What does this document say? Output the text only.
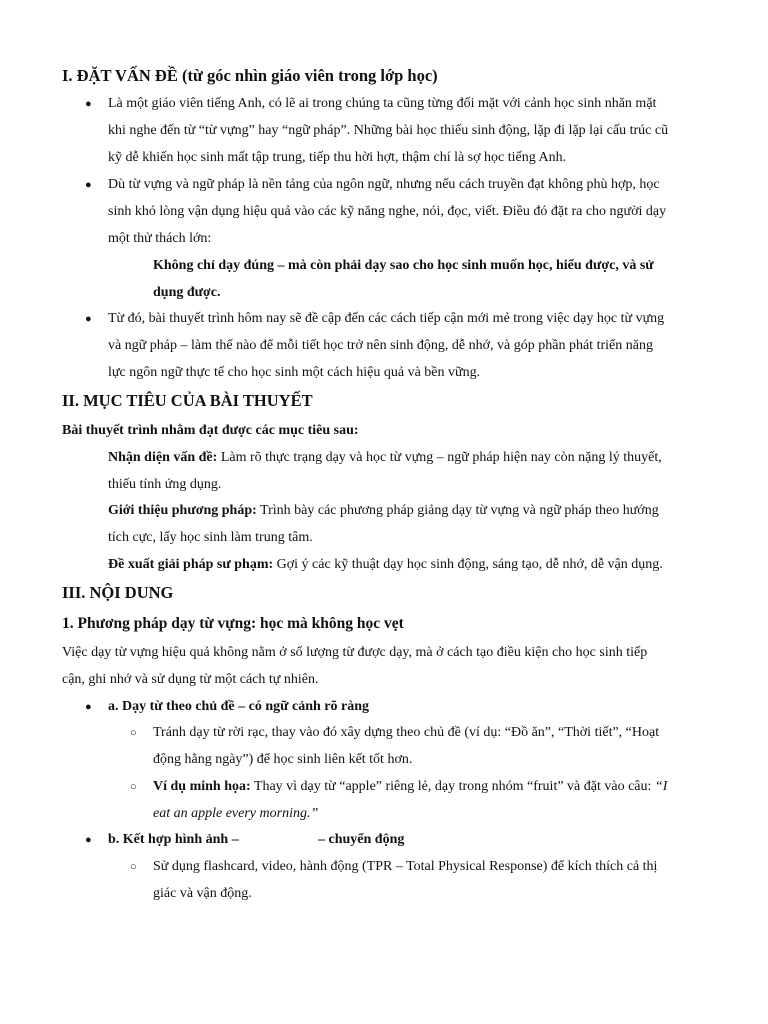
I. ĐẶT VẤN ĐỀ (từ góc nhìn giáo viên trong lớp học)
● Là một giáo viên tiếng Anh, có lẽ ai trong chúng ta cũng từng đối mặt với cảnh học sinh nhăn mặt
khi nghe đến từ “từ vựng” hay “ngữ pháp”. Những bài học thiếu sinh động, lặp đi lặp lại cấu trúc cũ
kỹ dễ khiến học sinh mất tập trung, tiếp thu hời hợt, thậm chí là sợ học tiếng Anh.
● Dù từ vựng và ngữ pháp là nền tảng của ngôn ngữ, nhưng nếu cách truyền đạt không phù hợp, học
sinh khó lòng vận dụng hiệu quả vào các kỹ năng nghe, nói, đọc, viết. Điều đó đặt ra cho người dạy
một thử thách lớn:
Không chỉ dạy đúng – mà còn phải dạy sao cho học sinh muốn học, hiểu được, và sử
dụng được.
● Từ đó, bài thuyết trình hôm nay sẽ đề cập đến các cách tiếp cận mới mẻ trong việc dạy học từ vựng
và ngữ pháp – làm thế nào để mỗi tiết học trở nên sinh động, dễ nhớ, và góp phần phát triển năng
lực ngôn ngữ thực tế cho học sinh một cách hiệu quả và bền vững.
II. MỤC TIÊU CỦA BÀI THUYẾT
Bài thuyết trình nhằm đạt được các mục tiêu sau:
Nhận diện vấn đề: Làm rõ thực trạng dạy và học từ vựng – ngữ pháp hiện nay còn nặng lý thuyết,
thiếu tính ứng dụng.
Giới thiệu phương pháp: Trình bày các phương pháp giảng dạy từ vựng và ngữ pháp theo hướng
tích cực, lấy học sinh làm trung tâm.
Đề xuất giải pháp sư phạm: Gợi ý các kỹ thuật dạy học sinh động, sáng tạo, dễ nhớ, dễ vận dụng.
III. NỘI DUNG
1. Phương pháp dạy từ vựng: học mà không học vẹt
Việc dạy từ vựng hiệu quả không nằm ở số lượng từ được dạy, mà ở cách tạo điều kiện cho học sinh tiếp
cận, ghi nhớ và sử dụng từ một cách tự nhiên.
● a. Dạy từ theo chủ đề – có ngữ cảnh rõ ràng
○ Tránh dạy từ rời rạc, thay vào đó xây dựng theo chủ đề (ví dụ: “Đồ ăn”, “Thời tiết”, “Hoạt
động hằng ngày”) để học sinh liên kết tốt hơn.
○ Ví dụ minh họa: Thay vì dạy từ “apple” riêng lẻ, dạy trong nhóm “fruit” và đặt vào câu: “I
eat an apple every morning.”
● b. Kết hợp hình ảnh –	– chuyển động
○ Sử dụng flashcard, video, hành động (TPR – Total Physical Response) để kích thích cả thị
giác và vận động.
